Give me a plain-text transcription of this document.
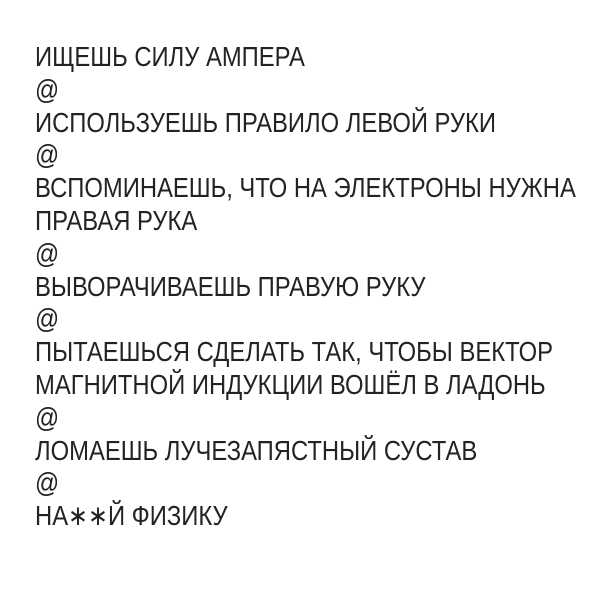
ИЩЕШЬ СИЛУ АМПЕРА
@
ИСПОЛЬЗУЕШЬ ПРАВИЛО ЛЕВОЙ РУКИ
@
ВСПОМИНАЕШЬ, ЧТО НА ЭЛЕКТРОНЫ НУЖНА
ПРАВАЯ РУКА
@
ВЫВОРАЧИВАЕШЬ ПРАВУЮ РУКУ
@
ПЫТАЕШЬСЯ СДЕЛАТЬ ТАК, ЧТОБЫ ВЕКТОР
МАГНИТНОЙ ИНДУКЦИИ ВОШЁЛ В ЛАДОНЬ
@
ЛОМАЕШЬ ЛУЧЕЗАПЯСТНЫЙ СУСТАВ
@
НА∗∗Й ФИЗИКУ
